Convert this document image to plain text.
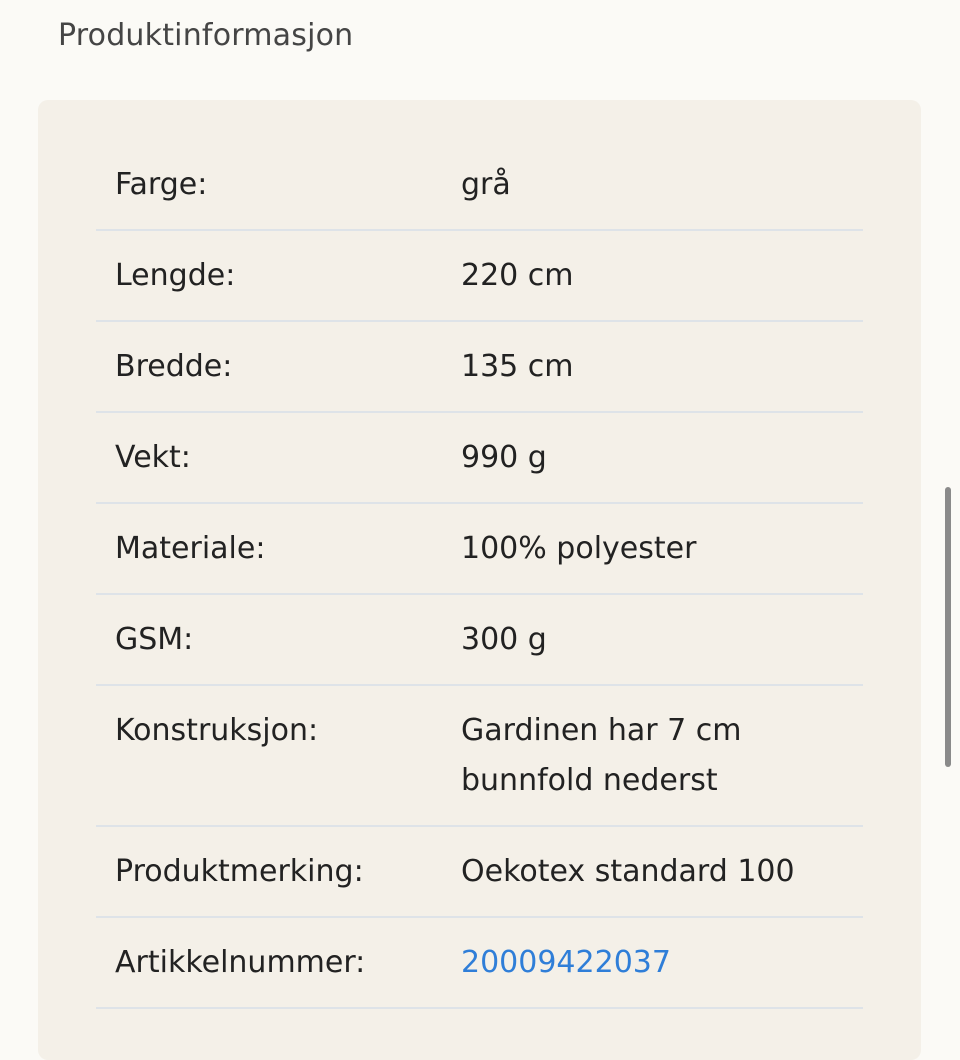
Produktinformasjon
Farge:	grå
Lengde:	220 cm
Bredde:	135 cm
Vekt:	990 g
Materiale:	100% polyester
GSM:	300 g
Konstruksjon:	Gardinen har 7 cm bunnfold nederst
Produktmerking:	Oekotex standard 100
Artikkelnummer:	20009422037
